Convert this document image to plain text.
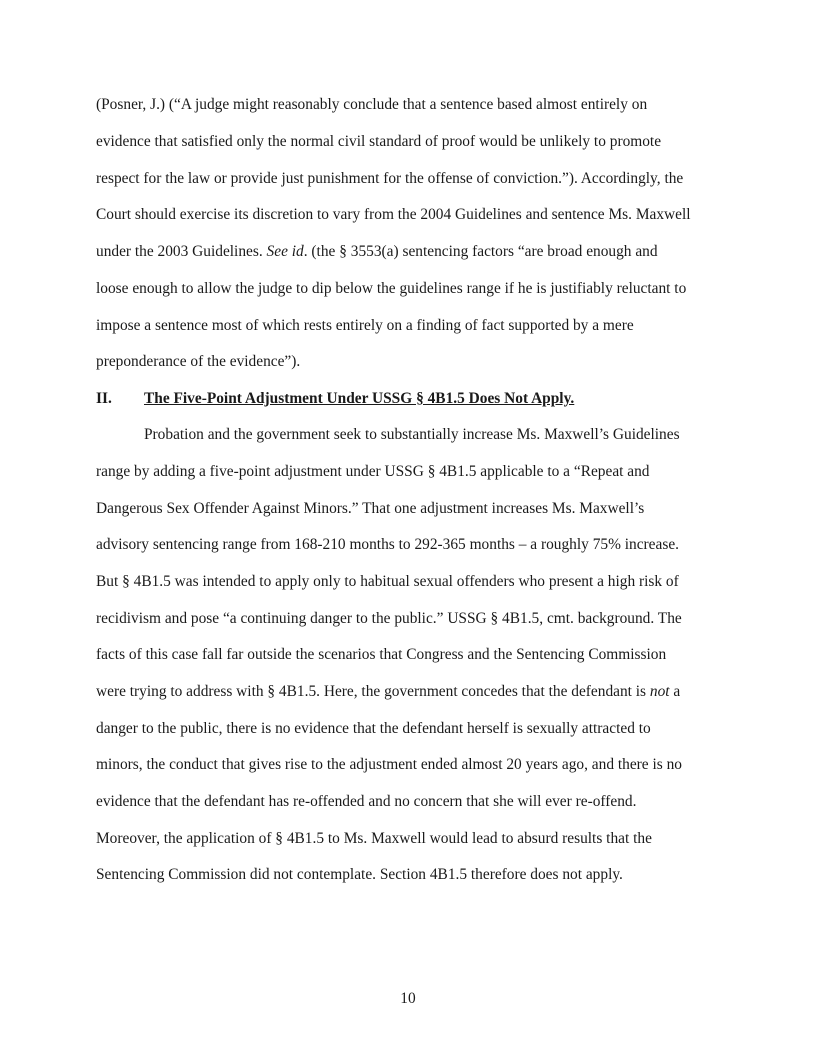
(Posner, J.) (“A judge might reasonably conclude that a sentence based almost entirely on
evidence that satisfied only the normal civil standard of proof would be unlikely to promote
respect for the law or provide just punishment for the offense of conviction.”). Accordingly, the
Court should exercise its discretion to vary from the 2004 Guidelines and sentence Ms. Maxwell
under the 2003 Guidelines. See id. (the § 3553(a) sentencing factors “are broad enough and
loose enough to allow the judge to dip below the guidelines range if he is justifiably reluctant to
impose a sentence most of which rests entirely on a finding of fact supported by a mere
preponderance of the evidence”).
II. The Five-Point Adjustment Under USSG § 4B1.5 Does Not Apply.
Probation and the government seek to substantially increase Ms. Maxwell’s Guidelines
range by adding a five-point adjustment under USSG § 4B1.5 applicable to a “Repeat and
Dangerous Sex Offender Against Minors.” That one adjustment increases Ms. Maxwell’s
advisory sentencing range from 168-210 months to 292-365 months – a roughly 75% increase.
But § 4B1.5 was intended to apply only to habitual sexual offenders who present a high risk of
recidivism and pose “a continuing danger to the public.” USSG § 4B1.5, cmt. background. The
facts of this case fall far outside the scenarios that Congress and the Sentencing Commission
were trying to address with § 4B1.5. Here, the government concedes that the defendant is not a
danger to the public, there is no evidence that the defendant herself is sexually attracted to
minors, the conduct that gives rise to the adjustment ended almost 20 years ago, and there is no
evidence that the defendant has re-offended and no concern that she will ever re-offend.
Moreover, the application of § 4B1.5 to Ms. Maxwell would lead to absurd results that the
Sentencing Commission did not contemplate. Section 4B1.5 therefore does not apply.
10
